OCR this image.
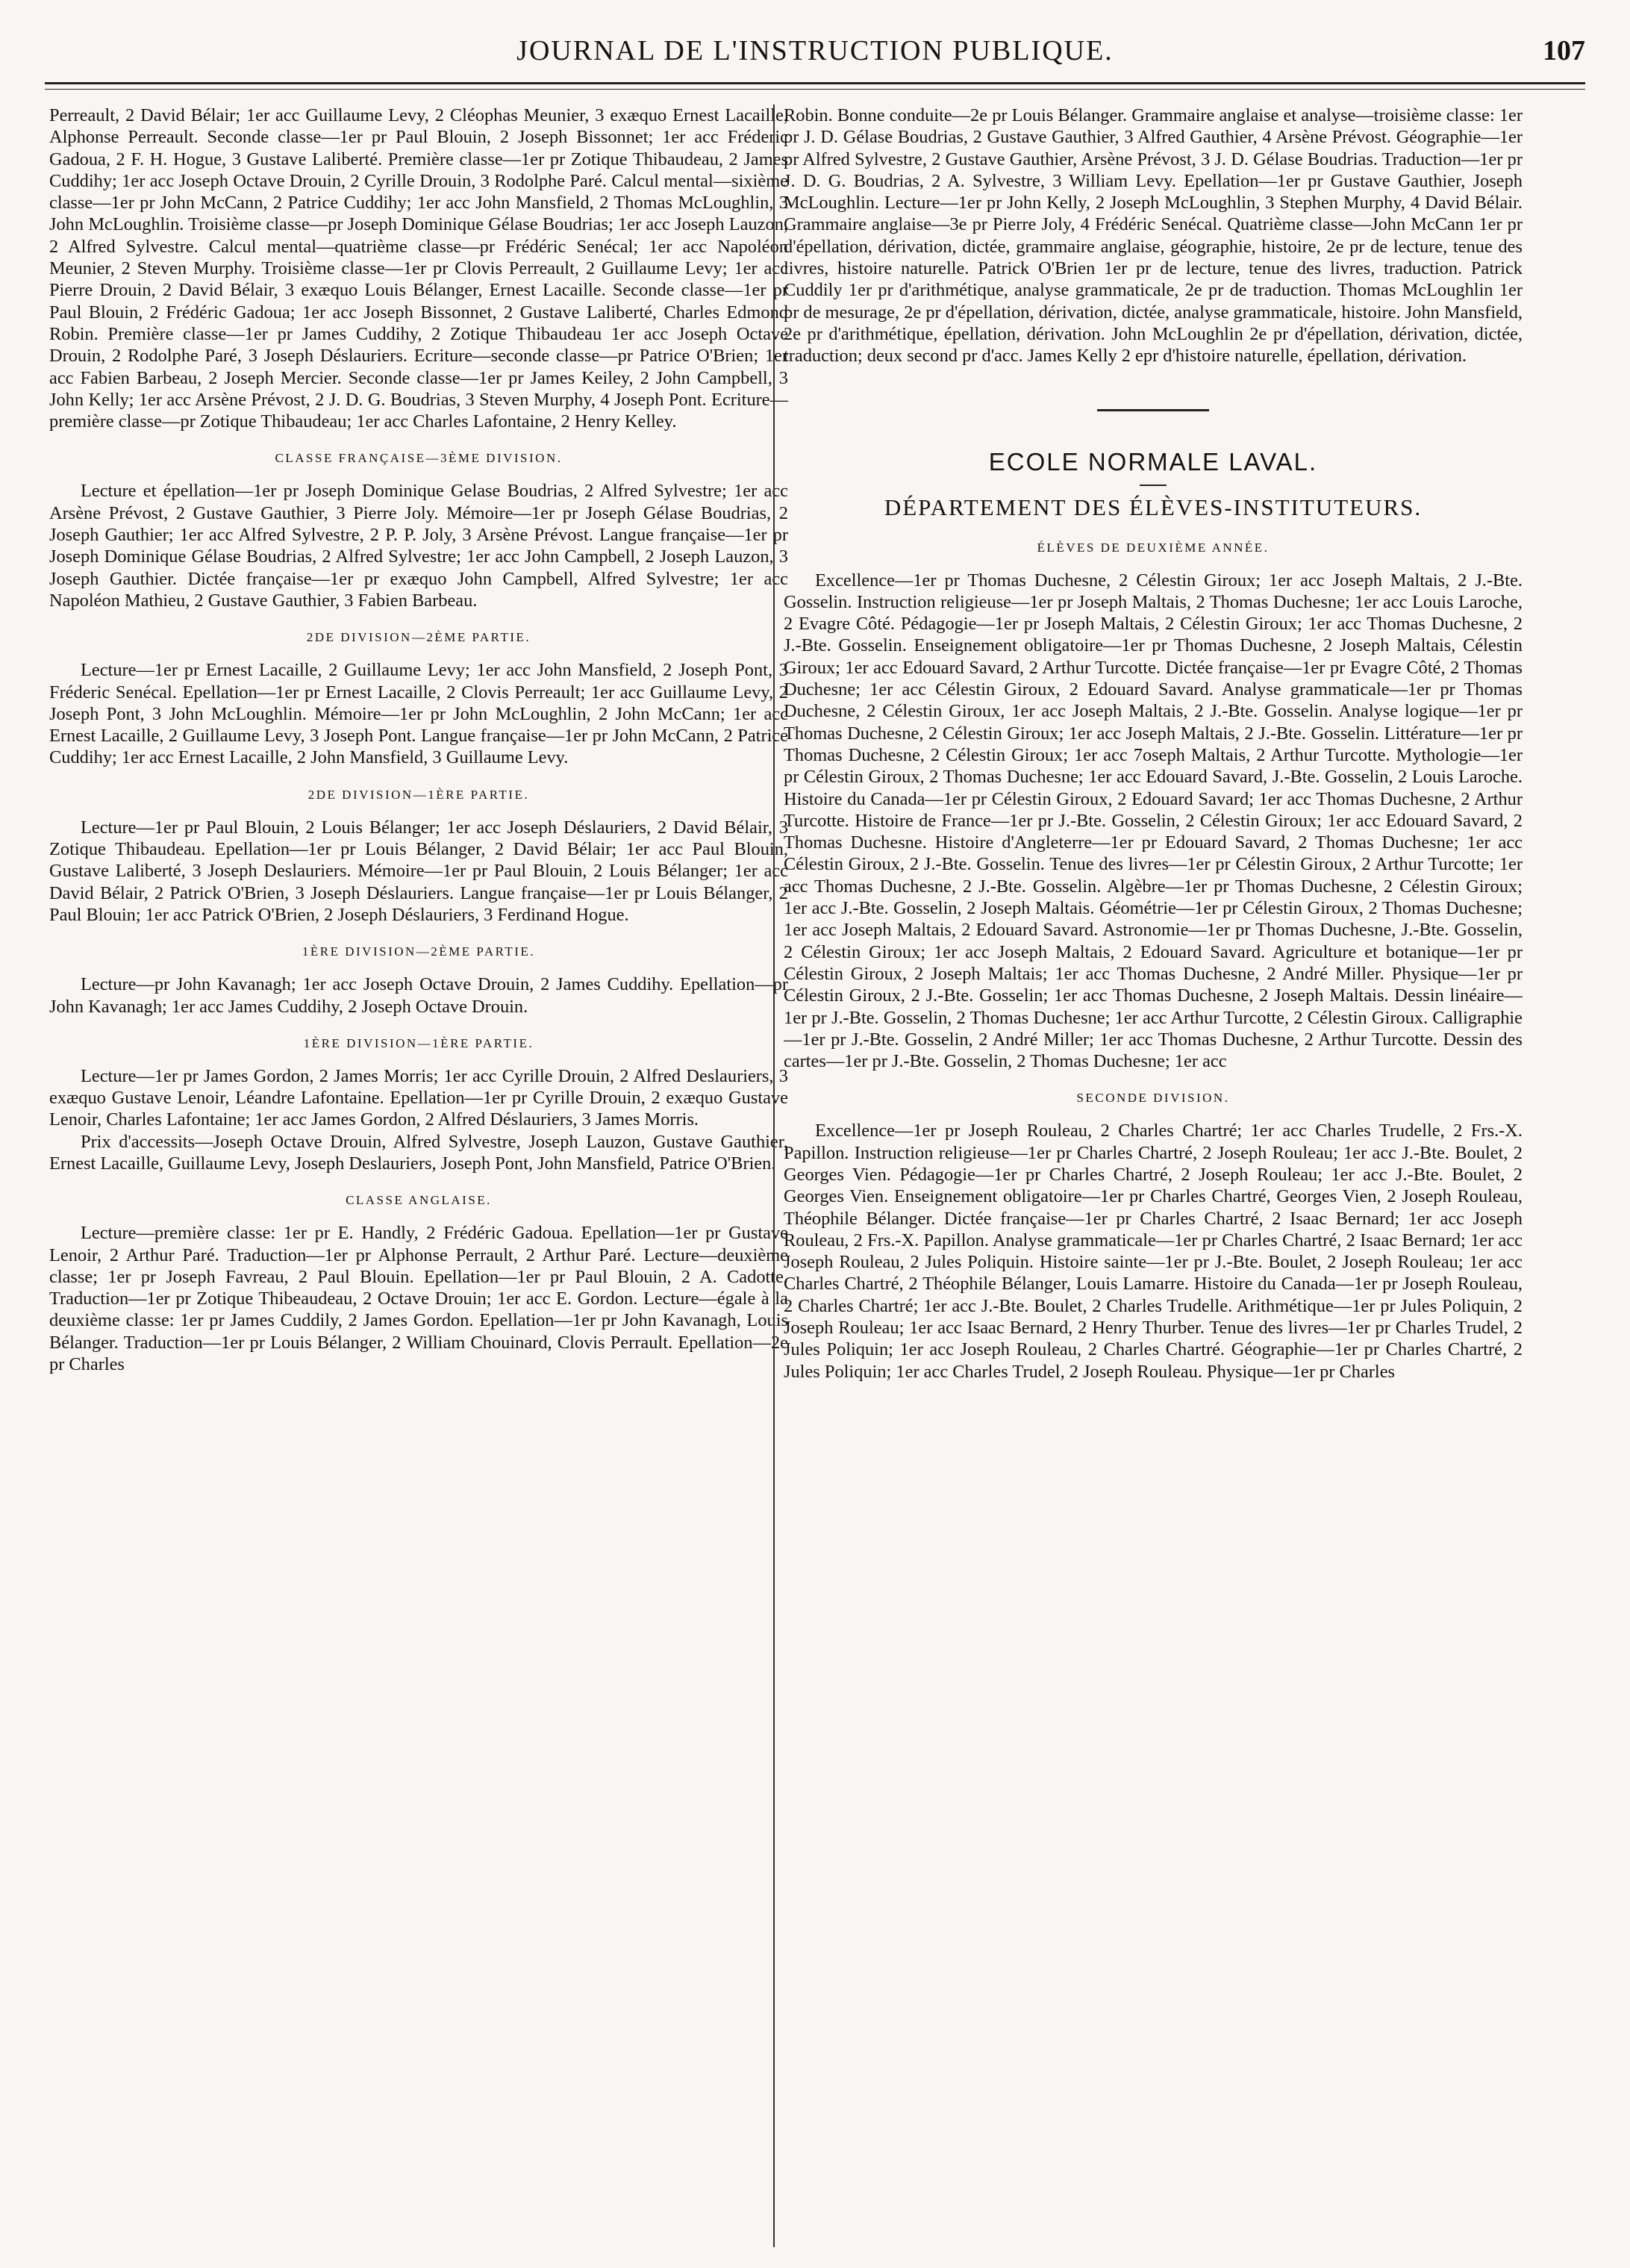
JOURNAL DE L'INSTRUCTION PUBLIQUE.	107

Perreault, 2 David Bélair; 1er acc Guillaume Levy, 2 Cléophas Meunier, 3 exæquo Ernest Lacaille, Alphonse Perreault. Seconde classe—1er pr Paul Blouin, 2 Joseph Bissonnet; 1er acc Fréderic Gadoua, 2 F. H. Hogue, 3 Gustave Laliberté. Première classe—1er pr Zotique Thibaudeau, 2 James Cuddihy; 1er acc Joseph Octave Drouin, 2 Cyrille Drouin, 3 Rodolphe Paré. Calcul mental—sixième classe—1er pr John McCann, 2 Patrice Cuddihy; 1er acc John Mansfield, 2 Thomas McLoughlin, 3 John McLoughlin. Troisième classe—pr Joseph Dominique Gélase Boudrias; 1er acc Joseph Lauzon, 2 Alfred Sylvestre. Calcul mental—quatrième classe—pr Frédéric Senécal; 1er acc Napoléon Meunier, 2 Steven Murphy. Troisième classe—1er pr Clovis Perreault, 2 Guillaume Levy; 1er acc Pierre Drouin, 2 David Bélair, 3 exæquo Louis Bélanger, Ernest Lacaille. Seconde classe—1er pr Paul Blouin, 2 Frédéric Gadoua; 1er acc Joseph Bissonnet, 2 Gustave Laliberté, Charles Edmond Robin. Première classe—1er pr James Cuddihy, 2 Zotique Thibaudeau 1er acc Joseph Octave Drouin, 2 Rodolphe Paré, 3 Joseph Déslauriers. Ecriture—seconde classe—pr Patrice O'Brien; 1er acc Fabien Barbeau, 2 Joseph Mercier. Seconde classe—1er pr James Keiley, 2 John Campbell, 3 John Kelly; 1er acc Arsène Prévost, 2 J. D. G. Boudrias, 3 Steven Murphy, 4 Joseph Pont. Ecriture—première classe—pr Zotique Thibaudeau; 1er acc Charles Lafontaine, 2 Henry Kelley.

CLASSE FRANÇAISE—3ÈME DIVISION.

Lecture et épellation—1er pr Joseph Dominique Gelase Boudrias, 2 Alfred Sylvestre; 1er acc Arsène Prévost, 2 Gustave Gauthier, 3 Pierre Joly. Mémoire—1er pr Joseph Gélase Boudrias, 2 Joseph Gauthier; 1er acc Alfred Sylvestre, 2 P. P. Joly, 3 Arsène Prévost. Langue française—1er pr Joseph Dominique Gélase Boudrias, 2 Alfred Sylvestre; 1er acc John Campbell, 2 Joseph Lauzon, 3 Joseph Gauthier. Dictée française—1er pr exæquo John Campbell, Alfred Sylvestre; 1er acc Napoléon Mathieu, 2 Gustave Gauthier, 3 Fabien Barbeau.

2DE DIVISION—2ÈME PARTIE.

Lecture—1er pr Ernest Lacaille, 2 Guillaume Levy; 1er acc John Mansfield, 2 Joseph Pont, 3 Fréderic Senécal. Epellation—1er pr Ernest Lacaille, 2 Clovis Perreault; 1er acc Guillaume Levy, 2 Joseph Pont, 3 John McLoughlin. Mémoire—1er pr John McLoughlin, 2 John McCann; 1er acc Ernest Lacaille, 2 Guillaume Levy, 3 Joseph Pont. Langue française—1er pr John McCann, 2 Patrice Cuddihy; 1er acc Ernest Lacaille, 2 John Mansfield, 3 Guillaume Levy.

2DE DIVISION—1ÈRE PARTIE.

Lecture—1er pr Paul Blouin, 2 Louis Bélanger; 1er acc Joseph Déslauriers, 2 David Bélair, 3 Zotique Thibaudeau. Epellation—1er pr Louis Bélanger, 2 David Bélair; 1er acc Paul Blouin, Gustave Laliberté, 3 Joseph Deslauriers. Mémoire—1er pr Paul Blouin, 2 Louis Bélanger; 1er acc David Bélair, 2 Patrick O'Brien, 3 Joseph Déslauriers. Langue française—1er pr Louis Bélanger, 2 Paul Blouin; 1er acc Patrick O'Brien, 2 Joseph Déslauriers, 3 Ferdinand Hogue.

1ÈRE DIVISION—2ÈME PARTIE.

Lecture—pr John Kavanagh; 1er acc Joseph Octave Drouin, 2 James Cuddihy. Epellation—pr John Kavanagh; 1er acc James Cuddihy, 2 Joseph Octave Drouin.

1ÈRE DIVISION—1ÈRE PARTIE.

Lecture—1er pr James Gordon, 2 James Morris; 1er acc Cyrille Drouin, 2 Alfred Deslauriers, 3 exæquo Gustave Lenoir, Léandre Lafontaine. Epellation—1er pr Cyrille Drouin, 2 exæquo Gustave Lenoir, Charles Lafontaine; 1er acc James Gordon, 2 Alfred Déslauriers, 3 James Morris.

Prix d'accessits—Joseph Octave Drouin, Alfred Sylvestre, Joseph Lauzon, Gustave Gauthier, Ernest Lacaille, Guillaume Levy, Joseph Deslauriers, Joseph Pont, John Mansfield, Patrice O'Brien.

CLASSE ANGLAISE.

Lecture—première classe: 1er pr E. Handly, 2 Frédéric Gadoua. Epellation—1er pr Gustave Lenoir, 2 Arthur Paré. Traduction—1er pr Alphonse Perrault, 2 Arthur Paré. Lecture—deuxième classe; 1er pr Joseph Favreau, 2 Paul Blouin. Epellation—1er pr Paul Blouin, 2 A. Cadotte. Traduction—1er pr Zotique Thibeaudeau, 2 Octave Drouin; 1er acc E. Gordon. Lecture—égale à la deuxième classe: 1er pr James Cuddily, 2 James Gordon. Epellation—1er pr John Kavanagh, Louis Bélanger. Traduction—1er pr Louis Bélanger, 2 William Chouinard, Clovis Perrault. Epellation—2e pr Charles

Robin. Bonne conduite—2e pr Louis Bélanger. Grammaire anglaise et analyse—troisième classe: 1er pr J. D. Gélase Boudrias, 2 Gustave Gauthier, 3 Alfred Gauthier, 4 Arsène Prévost. Géographie—1er pr Alfred Sylvestre, 2 Gustave Gauthier, Arsène Prévost, 3 J. D. Gélase Boudrias. Traduction—1er pr J. D. G. Boudrias, 2 A. Sylvestre, 3 William Levy. Epellation—1er pr Gustave Gauthier, Joseph McLoughlin. Lecture—1er pr John Kelly, 2 Joseph McLoughlin, 3 Stephen Murphy, 4 David Bélair. Grammaire anglaise—3e pr Pierre Joly, 4 Frédéric Senécal. Quatrième classe—John McCann 1er pr d'épellation, dérivation, dictée, grammaire anglaise, géographie, histoire, 2e pr de lecture, tenue des livres, histoire naturelle. Patrick O'Brien 1er pr de lecture, tenue des livres, traduction. Patrick Cuddily 1er pr d'arithmétique, analyse grammaticale, 2e pr de traduction. Thomas McLoughlin 1er pr de mesurage, 2e pr d'épellation, dérivation, dictée, analyse grammaticale, histoire. John Mansfield, 2e pr d'arithmétique, épellation, dérivation. John McLoughlin 2e pr d'épellation, dérivation, dictée, traduction; deux second pr d'acc. James Kelly 2 epr d'histoire naturelle, épellation, dérivation.

ECOLE NORMALE LAVAL.
DÉPARTEMENT DES ÉLÈVES-INSTITUTEURS.
ÉLÈVES DE DEUXIÈME ANNÉE.

Excellence—1er pr Thomas Duchesne, 2 Célestin Giroux; 1er acc Joseph Maltais, 2 J.-Bte. Gosselin. Instruction religieuse—1er pr Joseph Maltais, 2 Thomas Duchesne; 1er acc Louis Laroche, 2 Evagre Côté. Pédagogie—1er pr Joseph Maltais, 2 Célestin Giroux; 1er acc Thomas Duchesne, 2 J.-Bte. Gosselin. Enseignement obligatoire—1er pr Thomas Duchesne, 2 Joseph Maltais, Célestin Giroux; 1er acc Edouard Savard, 2 Arthur Turcotte. Dictée française—1er pr Evagre Côté, 2 Thomas Duchesne; 1er acc Célestin Giroux, 2 Edouard Savard. Analyse grammaticale—1er pr Thomas Duchesne, 2 Célestin Giroux, 1er acc Joseph Maltais, 2 J.-Bte. Gosselin. Analyse logique—1er pr Thomas Duchesne, 2 Célestin Giroux; 1er acc Joseph Maltais, 2 J.-Bte. Gosselin. Littérature—1er pr Thomas Duchesne, 2 Célestin Giroux; 1er acc 7oseph Maltais, 2 Arthur Turcotte. Mythologie—1er pr Célestin Giroux, 2 Thomas Duchesne; 1er acc Edouard Savard, J.-Bte. Gosselin, 2 Louis Laroche. Histoire du Canada—1er pr Célestin Giroux, 2 Edouard Savard; 1er acc Thomas Duchesne, 2 Arthur Turcotte. Histoire de France—1er pr J.-Bte. Gosselin, 2 Célestin Giroux; 1er acc Edouard Savard, 2 Thomas Duchesne. Histoire d'Angleterre—1er pr Edouard Savard, 2 Thomas Duchesne; 1er acc Célestin Giroux, 2 J.-Bte. Gosselin. Tenue des livres—1er pr Célestin Giroux, 2 Arthur Turcotte; 1er acc Thomas Duchesne, 2 J.-Bte. Gosselin. Algèbre—1er pr Thomas Duchesne, 2 Célestin Giroux; 1er acc J.-Bte. Gosselin, 2 Joseph Maltais. Géométrie—1er pr Célestin Giroux, 2 Thomas Duchesne; 1er acc Joseph Maltais, 2 Edouard Savard. Astronomie—1er pr Thomas Duchesne, J.-Bte. Gosselin, 2 Célestin Giroux; 1er acc Joseph Maltais, 2 Edouard Savard. Agriculture et botanique—1er pr Célestin Giroux, 2 Joseph Maltais; 1er acc Thomas Duchesne, 2 André Miller. Physique—1er pr Célestin Giroux, 2 J.-Bte. Gosselin; 1er acc Thomas Duchesne, 2 Joseph Maltais. Dessin linéaire—1er pr J.-Bte. Gosselin, 2 Thomas Duchesne; 1er acc Arthur Turcotte, 2 Célestin Giroux. Calligraphie—1er pr J.-Bte. Gosselin, 2 André Miller; 1er acc Thomas Duchesne, 2 Arthur Turcotte. Dessin des cartes—1er pr J.-Bte. Gosselin, 2 Thomas Duchesne; 1er acc

SECONDE DIVISION.

Excellence—1er pr Joseph Rouleau, 2 Charles Chartré; 1er acc Charles Trudelle, 2 Frs.-X. Papillon. Instruction religieuse—1er pr Charles Chartré, 2 Joseph Rouleau; 1er acc J.-Bte. Boulet, 2 Georges Vien. Pédagogie—1er pr Charles Chartré, 2 Joseph Rouleau; 1er acc J.-Bte. Boulet, 2 Georges Vien. Enseignement obligatoire—1er pr Charles Chartré, Georges Vien, 2 Joseph Rouleau, Théophile Bélanger. Dictée française—1er pr Charles Chartré, 2 Isaac Bernard; 1er acc Joseph Rouleau, 2 Frs.-X. Papillon. Analyse grammaticale—1er pr Charles Chartré, 2 Isaac Bernard; 1er acc Joseph Rouleau, 2 Jules Poliquin. Histoire sainte—1er pr J.-Bte. Boulet, 2 Joseph Rouleau; 1er acc Charles Chartré, 2 Théophile Bélanger, Louis Lamarre. Histoire du Canada—1er pr Joseph Rouleau, 2 Charles Chartré; 1er acc J.-Bte. Boulet, 2 Charles Trudelle. Arithmétique—1er pr Jules Poliquin, 2 Joseph Rouleau; 1er acc Isaac Bernard, 2 Henry Thurber. Tenue des livres—1er pr Charles Trudel, 2 Jules Poliquin; 1er acc Joseph Rouleau, 2 Charles Chartré. Géographie—1er pr Charles Chartré, 2 Jules Poliquin; 1er acc Charles Trudel, 2 Joseph Rouleau. Physique—1er pr Charles
